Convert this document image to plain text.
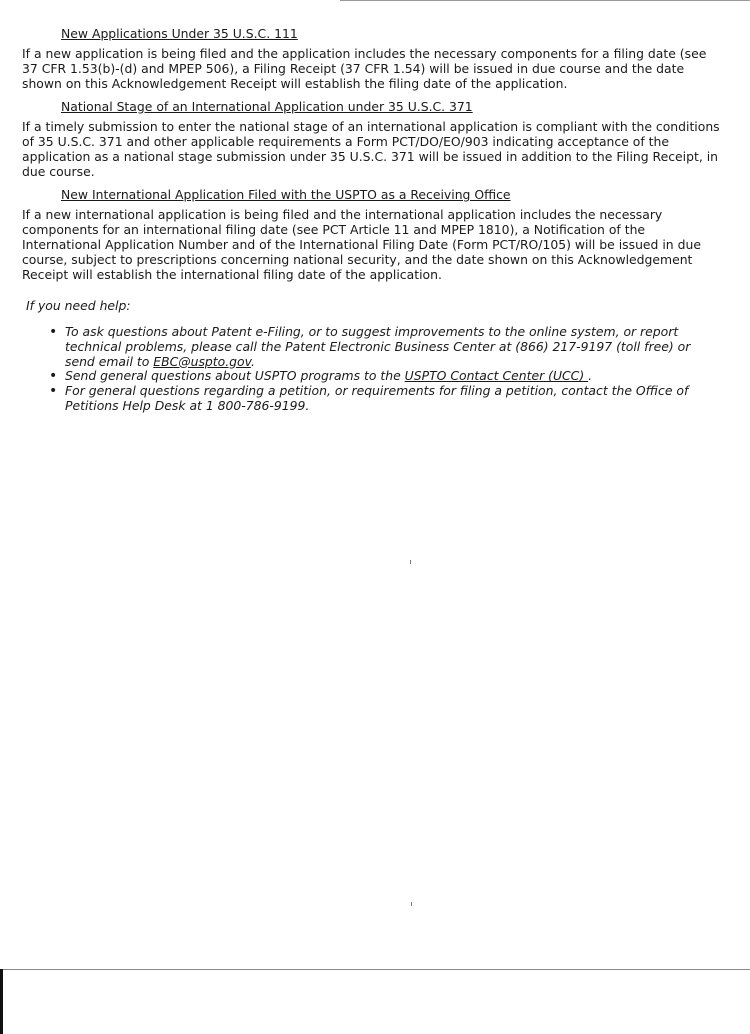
New Applications Under 35 U.S.C. 111

If a new application is being filed and the application includes the necessary components for a filing date (see 37 CFR 1.53(b)-(d) and MPEP 506), a Filing Receipt (37 CFR 1.54) will be issued in due course and the date shown on this Acknowledgement Receipt will establish the filing date of the application.

National Stage of an International Application under 35 U.S.C. 371

If a timely submission to enter the national stage of an international application is compliant with the conditions of 35 U.S.C. 371 and other applicable requirements a Form PCT/DO/EO/903 indicating acceptance of the application as a national stage submission under 35 U.S.C. 371 will be issued in addition to the Filing Receipt, in due course.

New International Application Filed with the USPTO as a Receiving Office

If a new international application is being filed and the international application includes the necessary components for an international filing date (see PCT Article 11 and MPEP 1810), a Notification of the International Application Number and of the International Filing Date (Form PCT/RO/105) will be issued in due course, subject to prescriptions concerning national security, and the date shown on this Acknowledgement Receipt will establish the international filing date of the application.

If you need help:
• To ask questions about Patent e-Filing, or to suggest improvements to the online system, or report technical problems, please call the Patent Electronic Business Center at (866) 217-9197 (toll free) or send email to EBC@uspto.gov.
• Send general questions about USPTO programs to the USPTO Contact Center (UCC) .
• For general questions regarding a petition, or requirements for filing a petition, contact the Office of Petitions Help Desk at 1 800-786-9199.
